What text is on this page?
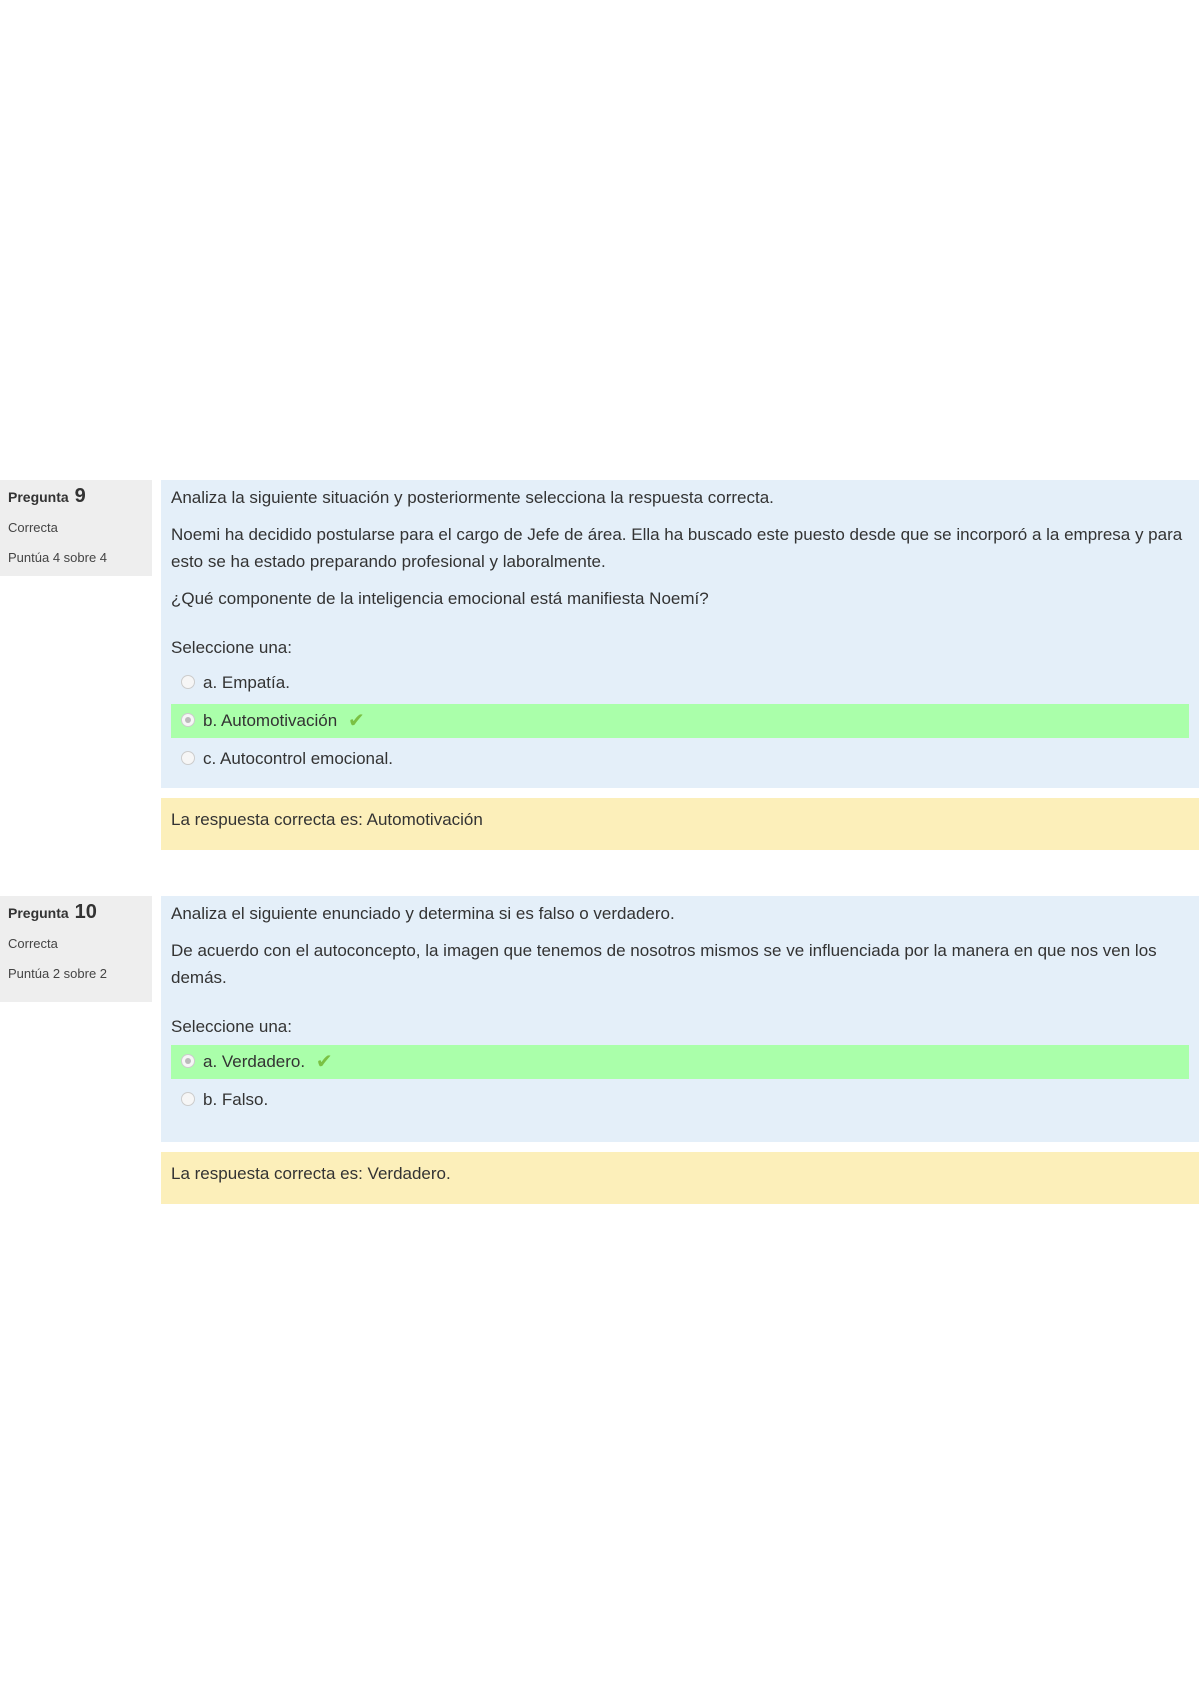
Pregunta 9
Correcta
Puntúa 4 sobre 4

Analiza la siguiente situación y posteriormente selecciona la respuesta correcta.

Noemi ha decidido postularse para el cargo de Jefe de área. Ella ha buscado este puesto desde que se incorporó a la empresa y para esto se ha estado preparando profesional y laboralmente.

¿Qué componente de la inteligencia emocional está manifiesta Noemí?

Seleccione una:
a. Empatía.
b. Automotivación ✔
c. Autocontrol emocional.
La respuesta correcta es: Automotivación
Pregunta 10
Correcta
Puntúa 2 sobre 2

Analiza el siguiente enunciado y determina si es falso o verdadero.

De acuerdo con el autoconcepto, la imagen que tenemos de nosotros mismos se ve influenciada por la manera en que nos ven los demás.

Seleccione una:
a. Verdadero. ✔
b. Falso.
La respuesta correcta es: Verdadero.
